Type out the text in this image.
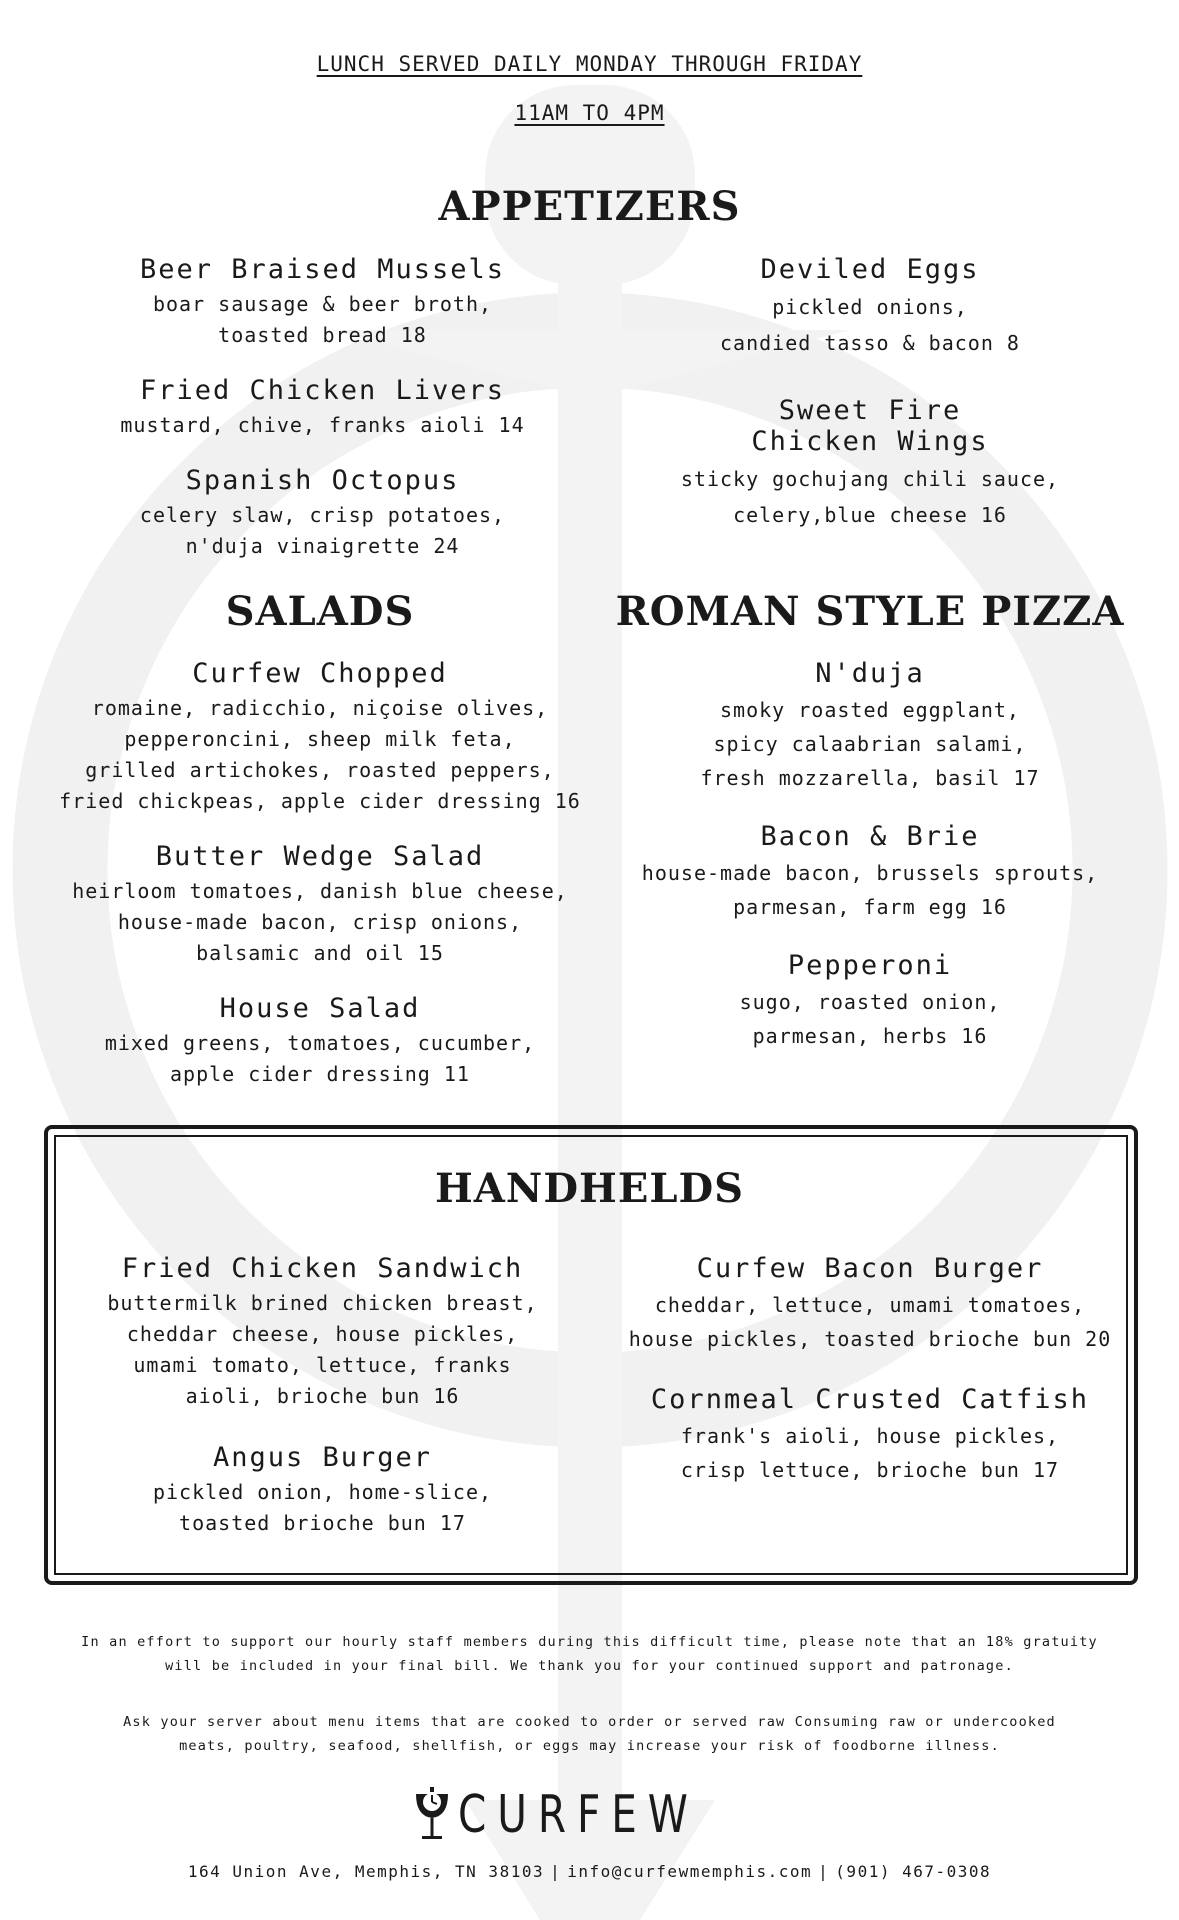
LUNCH SERVED DAILY MONDAY THROUGH FRIDAY
11AM TO 4PM
APPETIZERS
Beer Braised Mussels
boar sausage & beer broth,
toasted bread 18
Fried Chicken Livers
mustard, chive, franks aioli 14
Spanish Octopus
celery slaw, crisp potatoes,
n'duja vinaigrette 24
Deviled Eggs
pickled onions,
candied tasso & bacon 8
Sweet Fire
Chicken Wings
sticky gochujang chili sauce,
celery,blue cheese 16
SALADS
Curfew Chopped
romaine, radicchio, niçoise olives,
pepperoncini, sheep milk feta,
grilled artichokes, roasted peppers,
fried chickpeas, apple cider dressing 16
Butter Wedge Salad
heirloom tomatoes, danish blue cheese,
house-made bacon, crisp onions,
balsamic and oil 15
House Salad
mixed greens, tomatoes, cucumber,
apple cider dressing 11
ROMAN STYLE PIZZA
N'duja
smoky roasted eggplant,
spicy calaabrian salami,
fresh mozzarella, basil 17
Bacon & Brie
house-made bacon, brussels sprouts,
parmesan, farm egg 16
Pepperoni
sugo, roasted onion,
parmesan, herbs 16
HANDHELDS
Fried Chicken Sandwich
buttermilk brined chicken breast,
cheddar cheese, house pickles,
umami tomato, lettuce, franks
aioli, brioche bun 16
Angus Burger
pickled onion, home-slice,
toasted brioche bun 17
Curfew Bacon Burger
cheddar, lettuce, umami tomatoes,
house pickles, toasted brioche bun 20
Cornmeal Crusted Catfish
frank's aioli, house pickles,
crisp lettuce, brioche bun 17
In an effort to support our hourly staff members during this difficult time, please note that an 18% gratuity
will be included in your final bill. We thank you for your continued support and patronage.
Ask your server about menu items that are cooked to order or served raw Consuming raw or undercooked
meats, poultry, seafood, shellfish, or eggs may increase your risk of foodborne illness.
CURFEW
164 Union Ave, Memphis, TN 38103 | info@curfewmemphis.com | (901) 467-0308
